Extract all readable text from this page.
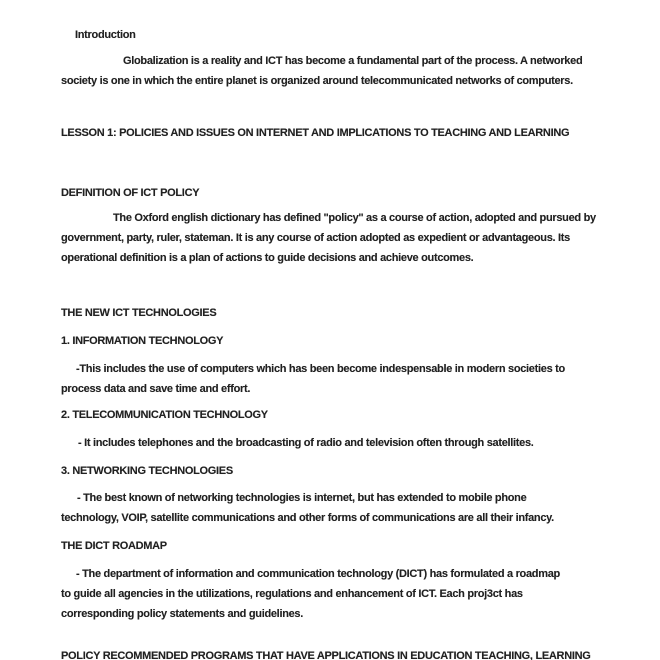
Introduction
Globalization is a reality and ICT has become a fundamental part of the process. A networked
society is one in which the entire planet is organized around telecommunicated networks of computers.
LESSON 1: POLICIES AND ISSUES ON INTERNET AND IMPLICATIONS TO TEACHING AND LEARNING
DEFINITION OF ICT POLICY
The Oxford english dictionary has defined "policy" as a course of action, adopted and pursued by
government, party, ruler, stateman. It is any course of action adopted as expedient or advantageous. Its
operational definition is a plan of actions to guide decisions and achieve outcomes.
THE NEW ICT TECHNOLOGIES
1. INFORMATION TECHNOLOGY
-This includes the use of computers which has been become indespensable in modern societies to
process data and save time and effort.
2. TELECOMMUNICATION TECHNOLOGY
- It includes telephones and the broadcasting of radio and television often through satellites.
3. NETWORKING TECHNOLOGIES
- The best known of networking technologies is internet, but has extended to mobile phone
technology, VOIP, satellite communications and other forms of communications are all their infancy.
THE DICT ROADMAP
- The department of information and communication technology (DICT) has formulated a roadmap
to guide all agencies in the utilizations, regulations and enhancement of ICT. Each proj3ct has
corresponding policy statements and guidelines.
POLICY RECOMMENDED PROGRAMS THAT HAVE APPLICATIONS IN EDUCATION TEACHING, LEARNING
